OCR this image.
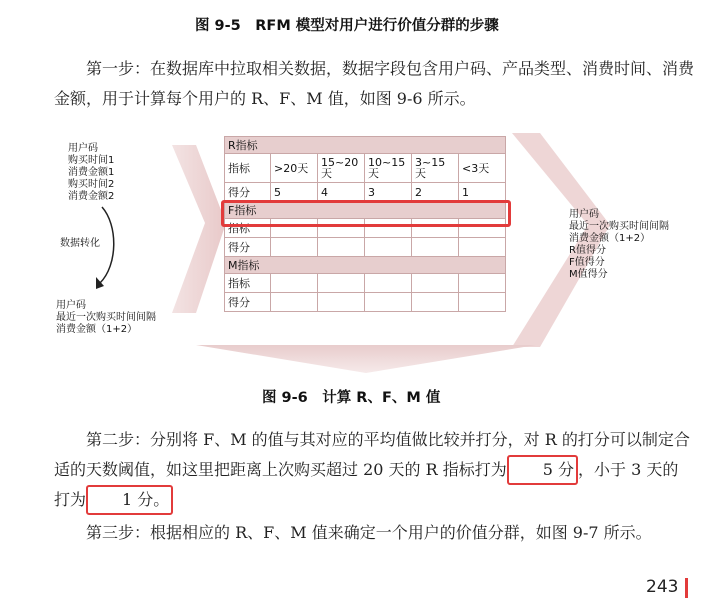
图 9-5　RFM 模型对用户进行价值分群的步骤
第一步：在数据库中拉取相关数据，数据字段包含用户码、产品类型、消费时间、消费金额，用于计算每个用户的 R、F、M 值，如图 9-6 所示。
用户码
购买时间1
消费金额1
购买时间2
消费金额2
数据转化
用户码
最近一次购买时间间隔
消费金额（1+2）
用户码
最近一次购买时间间隔
消费金额（1+2）
R值得分
F值得分
M值得分
R指标					
指标	>20天	15~20天	10~15天	3~15天	<3天
得分	5	4	3	2	1
F指标					
指标					
得分					
M指标					
指标					
得分					
图 9-6　计算 R、F、M 值
第二步：分别将 F、M 的值与其对应的平均值做比较并打分，对 R 的打分可以制定合适的天数阈值，如这里把距离上次购买超过 20 天的 R 指标打为 5 分 ，小于 3 天的打为 1 分。
第三步：根据相应的 R、F、M 值来确定一个用户的价值分群，如图 9-7 所示。
243
